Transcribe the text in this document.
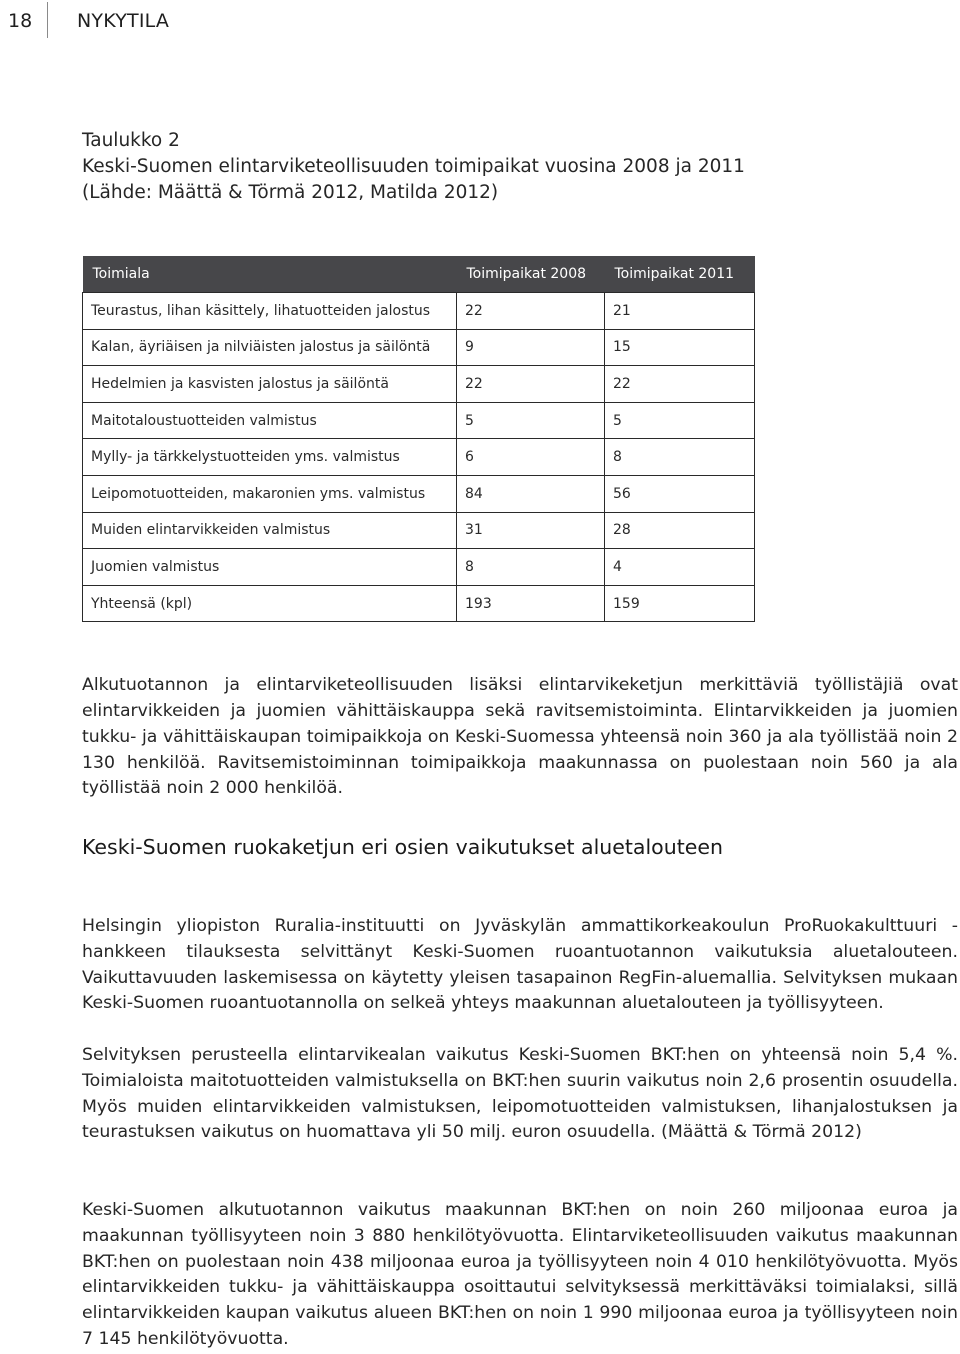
18 NYKYTILA
Taulukko 2
Keski-Suomen elintarviketeollisuuden toimipaikat vuosina 2008 ja 2011
(Lähde: Määttä & Törmä 2012, Matilda 2012)
Toimiala	Toimipaikat 2008	Toimipaikat 2011
Teurastus, lihan käsittely, lihatuotteiden jalostus	22	21
Kalan, äyriäisen ja nilviäisten jalostus ja säilöntä	9	15
Hedelmien ja kasvisten jalostus ja säilöntä	22	22
Maitotaloustuotteiden valmistus	5	5
Mylly- ja tärkkelystuotteiden yms. valmistus	6	8
Leipomotuotteiden, makaronien yms. valmistus	84	56
Muiden elintarvikkeiden valmistus	31	28
Juomien valmistus	8	4
Yhteensä (kpl)	193	159

Alkutuotannon ja elintarviketeollisuuden lisäksi elintarvikeketjun merkittäviä työllistäjiä ovat elintarvikkeiden ja juomien vähittäiskauppa sekä ravitsemistoiminta. Elintarvikkeiden ja juomien tukku- ja vähittäiskaupan toimipaikkoja on Keski-Suomessa yhteensä noin 360 ja ala työllistää noin 2 130 henkilöä. Ravitsemistoiminnan toimipaikkoja maakunnassa on puolestaan noin 560 ja ala työllistää noin 2 000 henkilöä.

Keski-Suomen ruokaketjun eri osien vaikutukset aluetalouteen

Helsingin yliopiston Ruralia-instituutti on Jyväskylän ammattikorkeakoulun ProRuokakulttuuri -hankkeen tilauksesta selvittänyt Keski-Suomen ruoantuotannon vaikutuksia aluetalouteen. Vaikuttavuuden laskemisessa on käytetty yleisen tasapainon RegFin-aluemallia. Selvityksen mukaan Keski-Suomen ruoantuotannolla on selkeä yhteys maakunnan aluetalouteen ja työllisyyteen.

Selvityksen perusteella elintarvikealan vaikutus Keski-Suomen BKT:hen on yhteensä noin 5,4 %. Toimialoista maitotuotteiden valmistuksella on BKT:hen suurin vaikutus noin 2,6 prosentin osuudella. Myös muiden elintarvikkeiden valmistuksen, leipomotuotteiden valmistuksen, lihanjalostuksen ja teurastuksen vaikutus on huomattava yli 50 milj. euron osuudella. (Määttä & Törmä 2012)

Keski-Suomen alkutuotannon vaikutus maakunnan BKT:hen on noin 260 miljoonaa euroa ja maakunnan työllisyyteen noin 3 880 henkilötyövuotta. Elintarviketeollisuuden vaikutus maakunnan BKT:hen on puolestaan noin 438 miljoonaa euroa ja työllisyyteen noin 4 010 henkilötyövuotta. Myös elintarvikkeiden tukku- ja vähittäiskauppa osoittautui selvityksessä merkittäväksi toimialaksi, sillä elintarvikkeiden kaupan vaikutus alueen BKT:hen on noin 1 990 miljoonaa euroa ja työllisyyteen noin 7 145 henkilötyövuotta.
